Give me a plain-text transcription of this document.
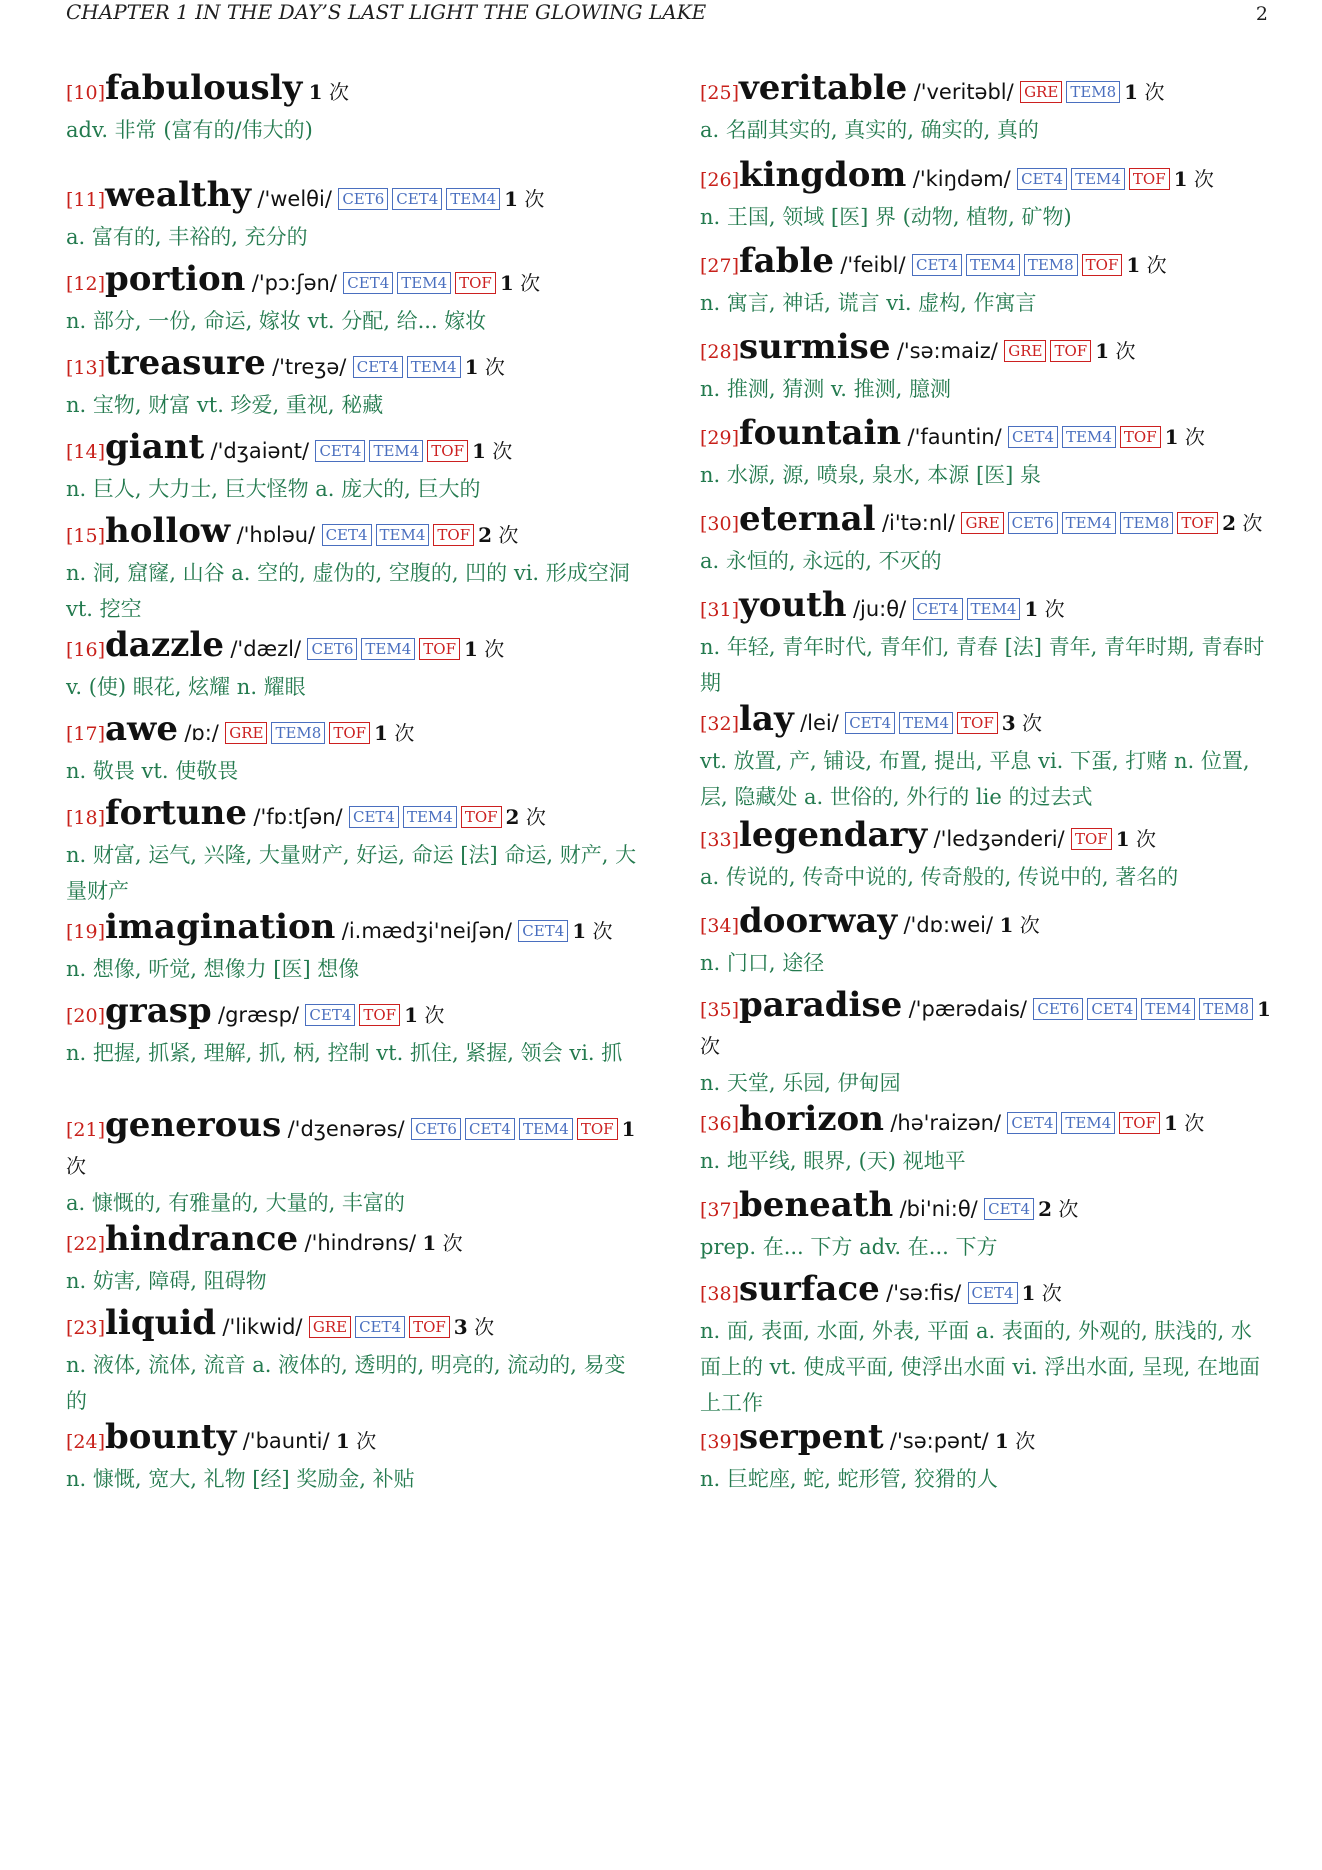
CHAPTER 1 IN THE DAY’S LAST LIGHT THE GLOWING LAKE	2
[10]fabulously 1 次
adv. 非常 (富有的/伟大的)
[11]wealthy /'welθi/ CET6 CET4 TEM4 1 次
a. 富有的, 丰裕的, 充分的
[12]portion /'pɔ:ʃən/ CET4 TEM4 TOF 1 次
n. 部分, 一份, 命运, 嫁妆 vt. 分配, 给... 嫁妆
[13]treasure /'treʒə/ CET4 TEM4 1 次
n. 宝物, 财富 vt. 珍爱, 重视, 秘藏
[14]giant /'dʒaiənt/ CET4 TEM4 TOF 1 次
n. 巨人, 大力士, 巨大怪物 a. 庞大的, 巨大的
[15]hollow /'hɒləu/ CET4 TEM4 TOF 2 次
n. 洞, 窟窿, 山谷 a. 空的, 虚伪的, 空腹的, 凹的 vi. 形成空洞 vt. 挖空
[16]dazzle /'dæzl/ CET6 TEM4 TOF 1 次
v. (使) 眼花, 炫耀 n. 耀眼
[17]awe /ɒ:/ GRE TEM8 TOF 1 次
n. 敬畏 vt. 使敬畏
[18]fortune /'fɒ:tʃən/ CET4 TEM4 TOF 2 次
n. 财富, 运气, 兴隆, 大量财产, 好运, 命运 [法] 命运, 财产, 大量财产
[19]imagination /i.mædʒi'neiʃən/ CET4 1 次
n. 想像, 听觉, 想像力 [医] 想像
[20]grasp /græsp/ CET4 TOF 1 次
n. 把握, 抓紧, 理解, 抓, 柄, 控制 vt. 抓住, 紧握, 领会 vi. 抓
[21]generous /'dʒenərəs/ CET6 CET4 TEM4 TOF 1 次
a. 慷慨的, 有雅量的, 大量的, 丰富的
[22]hindrance /'hindrəns/ 1 次
n. 妨害, 障碍, 阻碍物
[23]liquid /'likwid/ GRE CET4 TOF 3 次
n. 液体, 流体, 流音 a. 液体的, 透明的, 明亮的, 流动的, 易变的
[24]bounty /'baunti/ 1 次
n. 慷慨, 宽大, 礼物 [经] 奖励金, 补贴
[25]veritable /'veritəbl/ GRE TEM8 1 次
a. 名副其实的, 真实的, 确实的, 真的
[26]kingdom /'kiŋdəm/ CET4 TEM4 TOF 1 次
n. 王国, 领域 [医] 界 (动物, 植物, 矿物)
[27]fable /'feibl/ CET4 TEM4 TEM8 TOF 1 次
n. 寓言, 神话, 谎言 vi. 虚构, 作寓言
[28]surmise /'sə:maiz/ GRE TOF 1 次
n. 推测, 猜测 v. 推测, 臆测
[29]fountain /'fauntin/ CET4 TEM4 TOF 1 次
n. 水源, 源, 喷泉, 泉水, 本源 [医] 泉
[30]eternal /i'tə:nl/ GRE CET6 TEM4 TEM8 TOF 2 次
a. 永恒的, 永远的, 不灭的
[31]youth /ju:θ/ CET4 TEM4 1 次
n. 年轻, 青年时代, 青年们, 青春 [法] 青年, 青年时期, 青春时期
[32]lay /lei/ CET4 TEM4 TOF 3 次
vt. 放置, 产, 铺设, 布置, 提出, 平息 vi. 下蛋, 打赌 n. 位置, 层, 隐藏处 a. 世俗的, 外行的 lie 的过去式
[33]legendary /'ledʒənderi/ TOF 1 次
a. 传说的, 传奇中说的, 传奇般的, 传说中的, 著名的
[34]doorway /'dɒ:wei/ 1 次
n. 门口, 途径
[35]paradise /'pærədais/ CET6 CET4 TEM4 TEM8 1 次
n. 天堂, 乐园, 伊甸园
[36]horizon /hə'raizən/ CET4 TEM4 TOF 1 次
n. 地平线, 眼界, (天) 视地平
[37]beneath /bi'ni:θ/ CET4 2 次
prep. 在... 下方 adv. 在... 下方
[38]surface /'sə:fis/ CET4 1 次
n. 面, 表面, 水面, 外表, 平面 a. 表面的, 外观的, 肤浅的, 水面上的 vt. 使成平面, 使浮出水面 vi. 浮出水面, 呈现, 在地面上工作
[39]serpent /'sə:pənt/ 1 次
n. 巨蛇座, 蛇, 蛇形管, 狡猾的人
